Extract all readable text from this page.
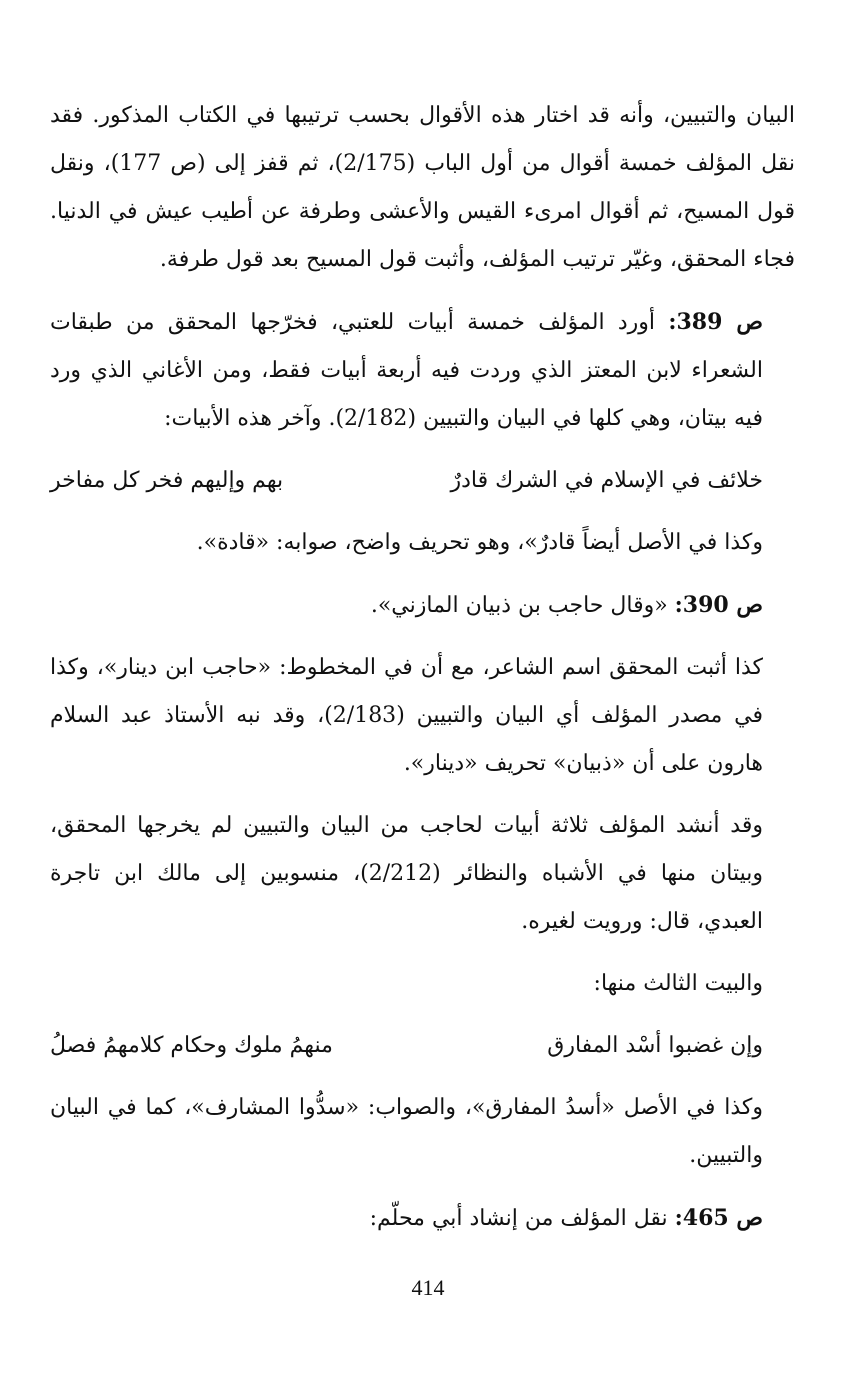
البيان والتبيين، وأنه قد اختار هذه الأقوال بحسب ترتيبها في الكتاب المذكور. فقد نقل المؤلف خمسة أقوال من أول الباب (2/175)، ثم قفز إلى (ص 177)، ونقل قول المسيح، ثم أقوال امرىء القيس والأعشى وطرفة عن أطيب عيش في الدنيا. فجاء المحقق، وغيّر ترتيب المؤلف، وأثبت قول المسيح بعد قول طرفة.

ص 389: أورد المؤلف خمسة أبيات للعتبي، فخرّجها المحقق من طبقات الشعراء لابن المعتز الذي وردت فيه أربعة أبيات فقط، ومن الأغاني الذي ورد فيه بيتان، وهي كلها في البيان والتبيين (2/182). وآخر هذه الأبيات:

خلائف في الإسلام في الشرك قادرٌ
بهم وإليهم فخر كل مفاخر

وكذا في الأصل أيضاً قادرٌ»، وهو تحريف واضح، صوابه: «قادة».

ص 390: «وقال حاجب بن ذبيان المازني».

كذا أثبت المحقق اسم الشاعر، مع أن في المخطوط: «حاجب ابن دينار»، وكذا في مصدر المؤلف أي البيان والتبيين (2/183)، وقد نبه الأستاذ عبد السلام هارون على أن «ذبيان» تحريف «دينار».

وقد أنشد المؤلف ثلاثة أبيات لحاجب من البيان والتبيين لم يخرجها المحقق، وبيتان منها في الأشباه والنظائر (2/212)، منسوبين إلى مالك ابن تاجرة العبدي، قال: ورويت لغيره.

والبيت الثالث منها:

وإن غضبوا أسْد المفارق
منهمُ ملوك وحكام كلامهمُ فصلُ

وكذا في الأصل «أسدُ المفارق»، والصواب: «سدُّوا المشارف»، كما في البيان والتبيين.

ص 465: نقل المؤلف من إنشاد أبي محلّم:

414
